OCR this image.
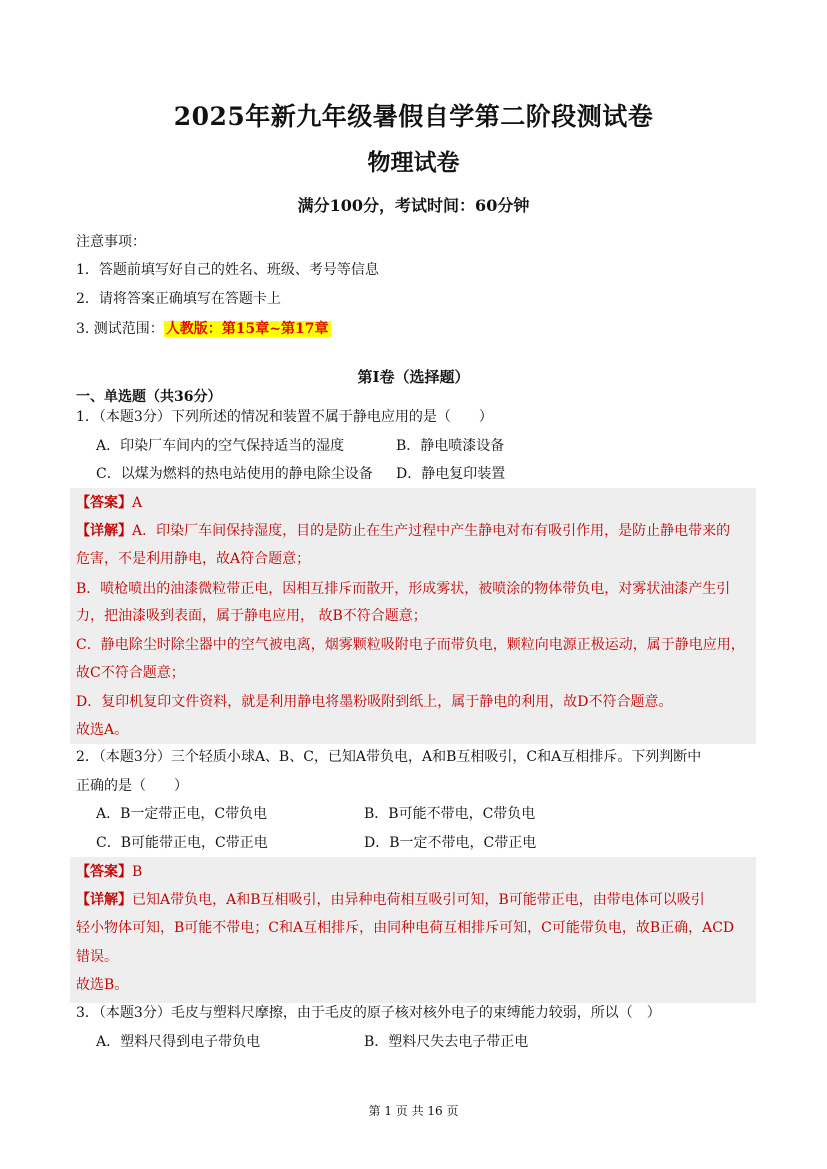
2025年新九年级暑假自学第二阶段测试卷
物理试卷
满分100分，考试时间：60分钟
注意事项：
1．答题前填写好自己的姓名、班级、考号等信息
2．请将答案正确填写在答题卡上
3. 测试范围： 人教版：第15章~第17章
第I卷（选择题）
一、单选题（共36分）
1．（本题3分）下列所述的情况和装置不属于静电应用的是（　　）
A．印染厂车间内的空气保持适当的湿度	B．静电喷漆设备
C．以煤为燃料的热电站使用的静电除尘设备 D．静电复印装置
【答案】A
【详解】A．印染厂车间保持湿度，目的是防止在生产过程中产生静电对布有吸引作用，是防止静电带来的
危害，不是利用静电，故A符合题意；
B．喷枪喷出的油漆微粒带正电，因相互排斥而散开，形成雾状，被喷涂的物体带负电，对雾状油漆产生引
力，把油漆吸到表面，属于静电应用， 故B不符合题意；
C．静电除尘时除尘器中的空气被电离，烟雾颗粒吸附电子而带负电，颗粒向电源正极运动，属于静电应用，
故C不符合题意；
D．复印机复印文件资料，就是利用静电将墨粉吸附到纸上，属于静电的利用，故D不符合题意。
故选A。
2．（本题3分）三个轻质小球A、B、C，已知A带负电，A和B互相吸引，C和A互相排斥。下列判断中
正确的是（　　）
A．B一定带正电，C带负电	B．B可能不带电，C带负电
C．B可能带正电，C带正电	D．B一定不带电，C带正电
【答案】B
【详解】已知A带负电，A和B互相吸引，由异种电荷相互吸引可知，B可能带正电，由带电体可以吸引
轻小物体可知，B可能不带电；C和A互相排斥，由同种电荷互相排斥可知，C可能带负电，故B正确，ACD
错误。
故选B。
3．（本题3分）毛皮与塑料尺摩擦，由于毛皮的原子核对核外电子的束缚能力较弱，所以（　）
A．塑料尺得到电子带负电	B．塑料尺失去电子带正电
第 1 页 共 16 页
